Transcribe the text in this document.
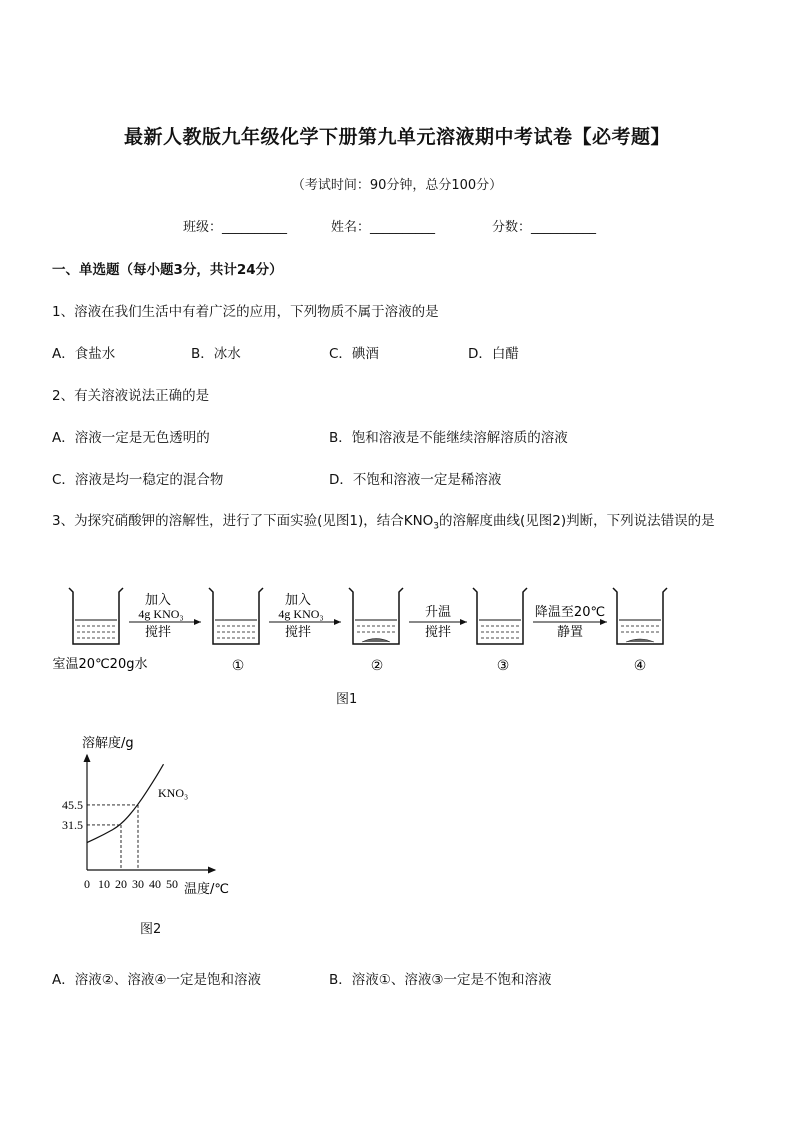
最新人教版九年级化学下册第九单元溶液期中考试卷【必考题】
（考试时间：90分钟，总分100分）
班级：__________	姓名：__________	分数：__________
一、单选题（每小题3分，共计24分）
1、溶液在我们生活中有着广泛的应用，下列物质不属于溶液的是
A．食盐水	B．冰水	C．碘酒	D．白醋
2、有关溶液说法正确的是
A．溶液一定是无色透明的	B．饱和溶液是不能继续溶解溶质的溶液
C．溶液是均一稳定的混合物	D．不饱和溶液一定是稀溶液
3、为探究硝酸钾的溶解性，进行了下面实验(见图1)，结合$KNO_3$的溶解度曲线(见图2)判断，下列说法错误的是
加入
4g KNO₃
搅拌
加入
4g KNO₃
搅拌
升温
搅拌
降温至20℃
静置
室温20℃20g水	①	②	③	④
图1
溶解度/g
温度/℃
KNO₃
0 10 20 30 40 50
31.5
45.5
图2
A．溶液②、溶液④一定是饱和溶液	B．溶液①、溶液③一定是不饱和溶液
